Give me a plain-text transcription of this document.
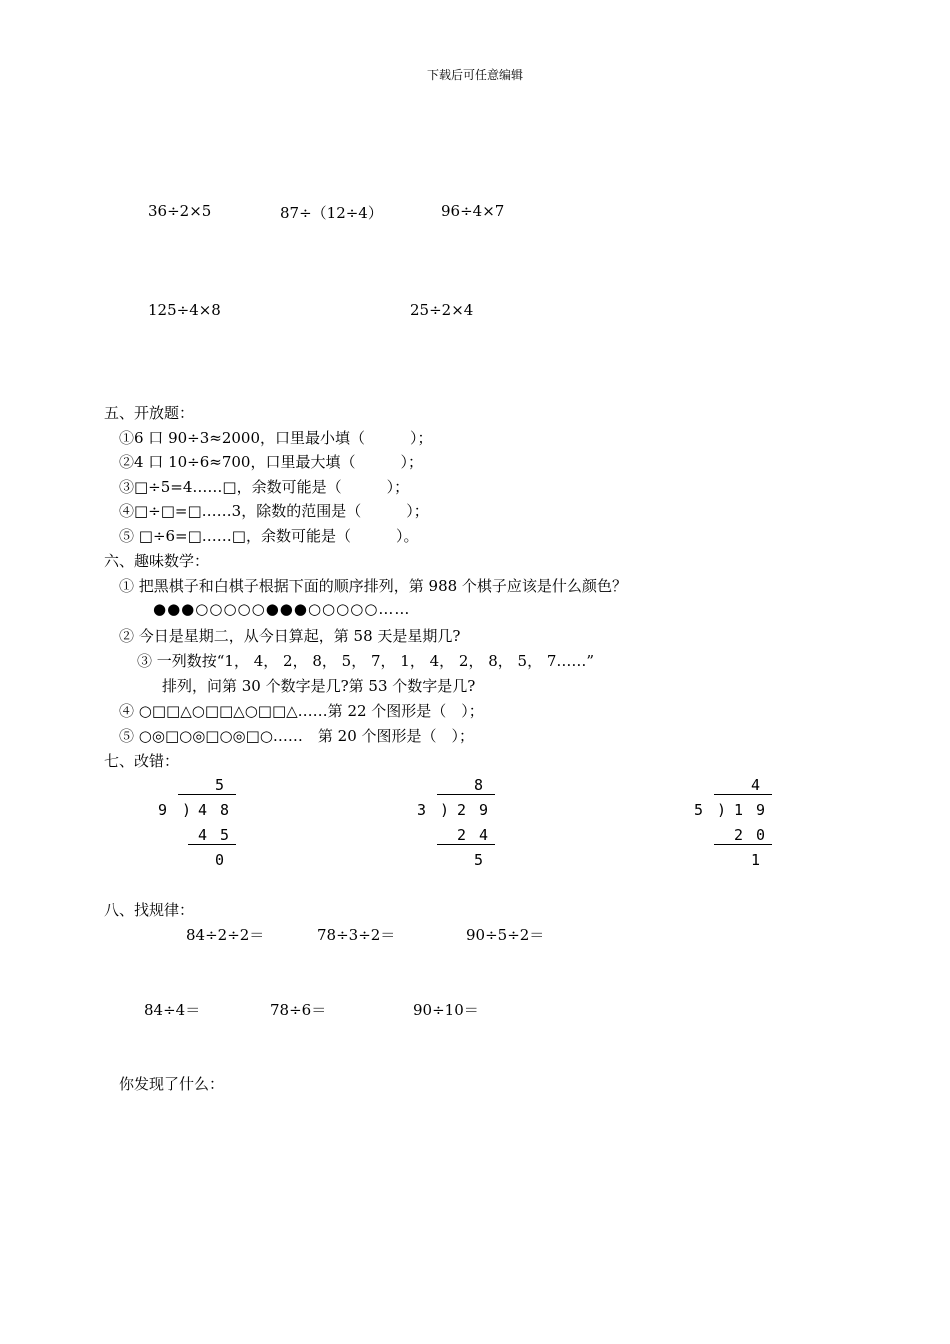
下载后可任意编辑
36÷2×5	87÷（12÷4）	96÷4×7
125÷4×8	25÷2×4
五、开放题：
①6 口 90÷3≈2000，口里最小填（　　　）；
②4 口 10÷6≈700，口里最大填（　　　）；
③□÷5=4……□，余数可能是（　　　）；
④□÷□=□……3，除数的范围是（　　　）；
⑤ □÷6=□……□，余数可能是（　　　）。
六、趣味数学：
① 把黑棋子和白棋子根据下面的顺序排列，第 988 个棋子应该是什么颜色？
●●●○○○○○●●●○○○○○……
② 今日是星期二，从今日算起，第 58 天是星期几?
③ 一列数按“1， 4， 2， 8， 5， 7， 1， 4， 2， 8， 5， 7……”
排列，问第 30 个数字是几?第 53 个数字是几?
④ ○□□△○□□△○□□△……第 22 个图形是（　）；
⑤ ○◎□○◎□○◎□○……　第 20 个图形是（　）；
七、改错：
5
9 ) 4 8
4 5
0
8
3 ) 2 9
2 4
5
4
5 ) 1 9
2 0
1
八、找规律：
84÷2÷2＝	78÷3÷2＝	90÷5÷2＝
84÷4＝	78÷6＝	90÷10＝
你发现了什么：
